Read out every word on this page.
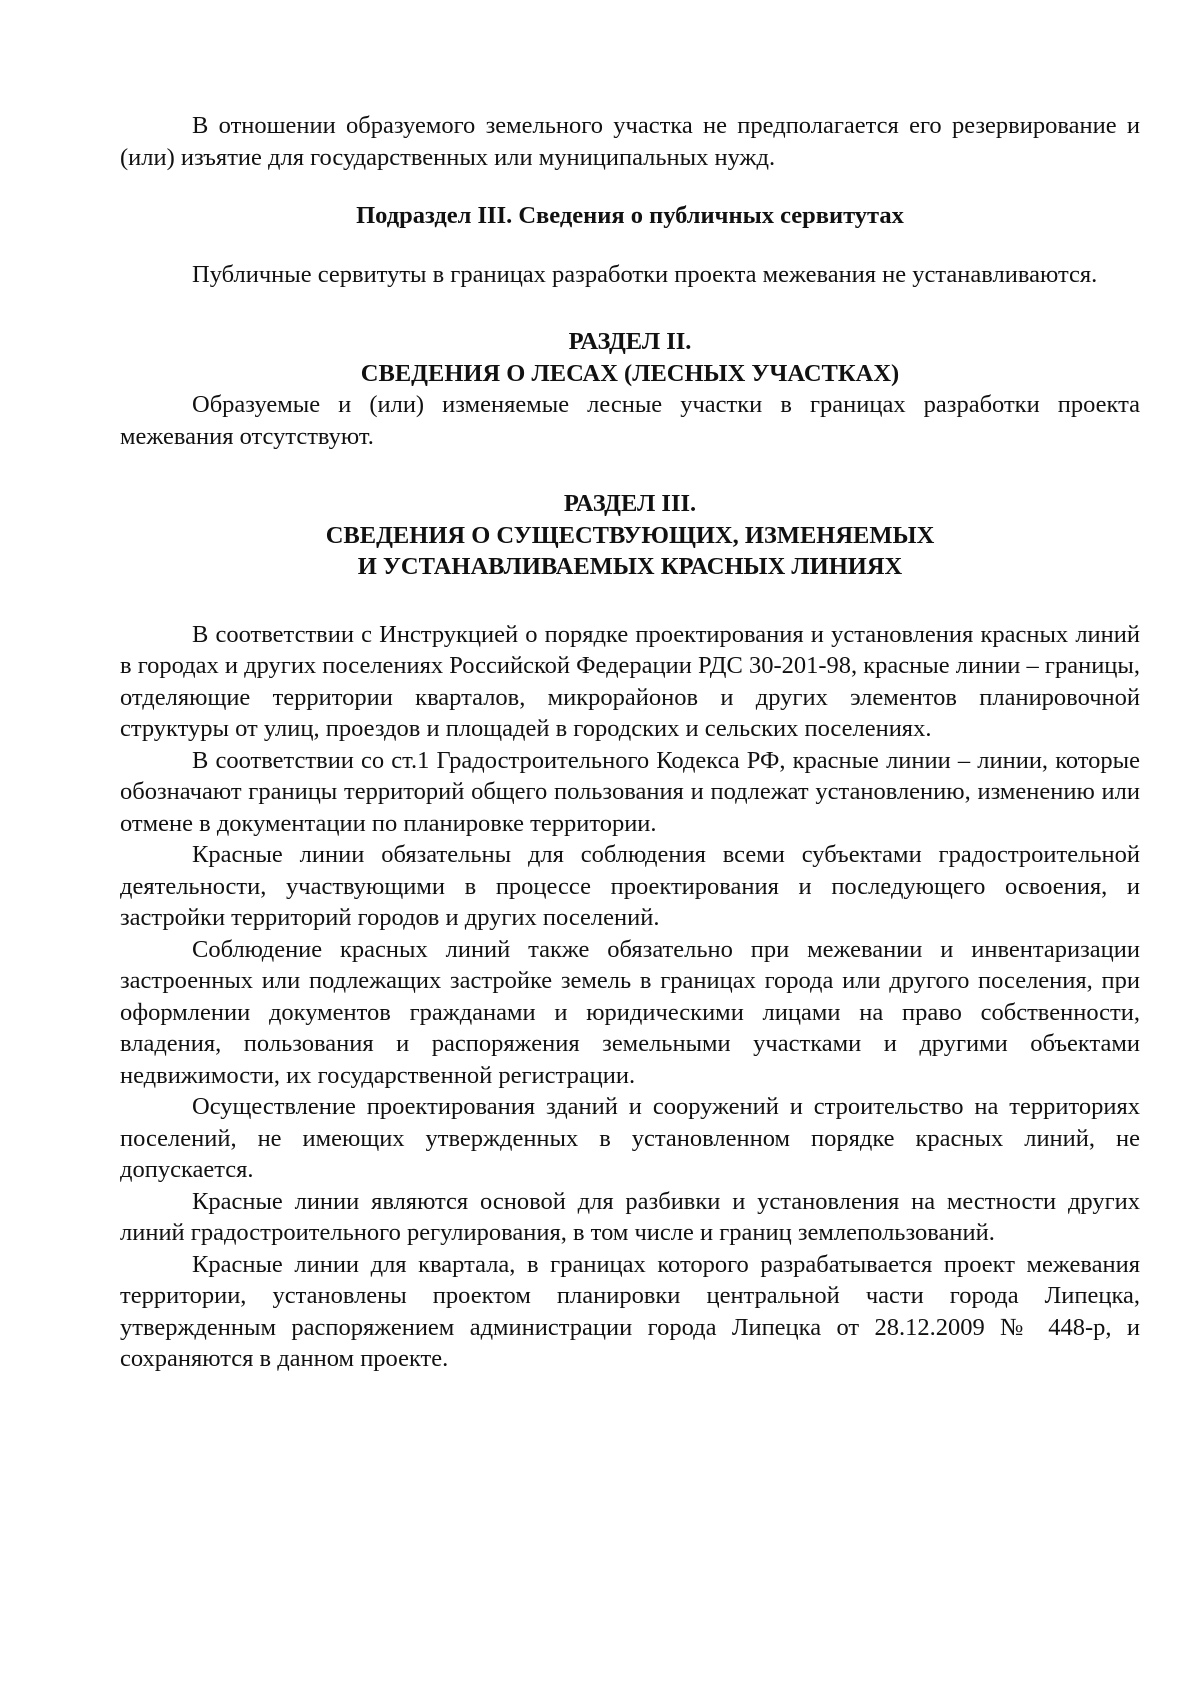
В отношении образуемого земельного участка не предполагается его резервирование и (или) изъятие для государственных или муниципальных нужд.

Подраздел III. Сведения о публичных сервитутах

Публичные сервитуты в границах разработки проекта межевания не устанавливаются.

РАЗДЕЛ II.
СВЕДЕНИЯ О ЛЕСАХ (ЛЕСНЫХ УЧАСТКАХ)

Образуемые и (или) изменяемые лесные участки в границах разработки проекта межевания отсутствуют.

РАЗДЕЛ III.
СВЕДЕНИЯ О СУЩЕСТВУЮЩИХ, ИЗМЕНЯЕМЫХ
И УСТАНАВЛИВАЕМЫХ КРАСНЫХ ЛИНИЯХ

В соответствии с Инструкцией о порядке проектирования и установления красных линий в городах и других поселениях Российской Федерации РДС 30-201-98, красные линии – границы, отделяющие территории кварталов, микрорайонов и других элементов планировочной структуры от улиц, проездов и площадей в городских и сельских поселениях.

В соответствии со ст.1 Градостроительного Кодекса РФ, красные линии – линии, которые обозначают границы территорий общего пользования и подлежат установлению, изменению или отмене в документации по планировке территории.

Красные линии обязательны для соблюдения всеми субъектами градостроительной деятельности, участвующими в процессе проектирования и последующего освоения, и застройки территорий городов и других поселений.

Соблюдение красных линий также обязательно при межевании и инвентаризации застроенных или подлежащих застройке земель в границах города или другого поселения, при оформлении документов гражданами и юридическими лицами на право собственности, владения, пользования и распоряжения земельными участками и другими объектами недвижимости, их государственной регистрации.

Осуществление проектирования зданий и сооружений и строительство на территориях поселений, не имеющих утвержденных в установленном порядке красных линий, не допускается.

Красные линии являются основой для разбивки и установления на местности других линий градостроительного регулирования, в том числе и границ землепользований.

Красные линии для квартала, в границах которого разрабатывается проект межевания территории, установлены проектом планировки центральной части города Липецка, утвержденным распоряжением администрации города Липецка от 28.12.2009 № 448-р, и сохраняются в данном проекте.
